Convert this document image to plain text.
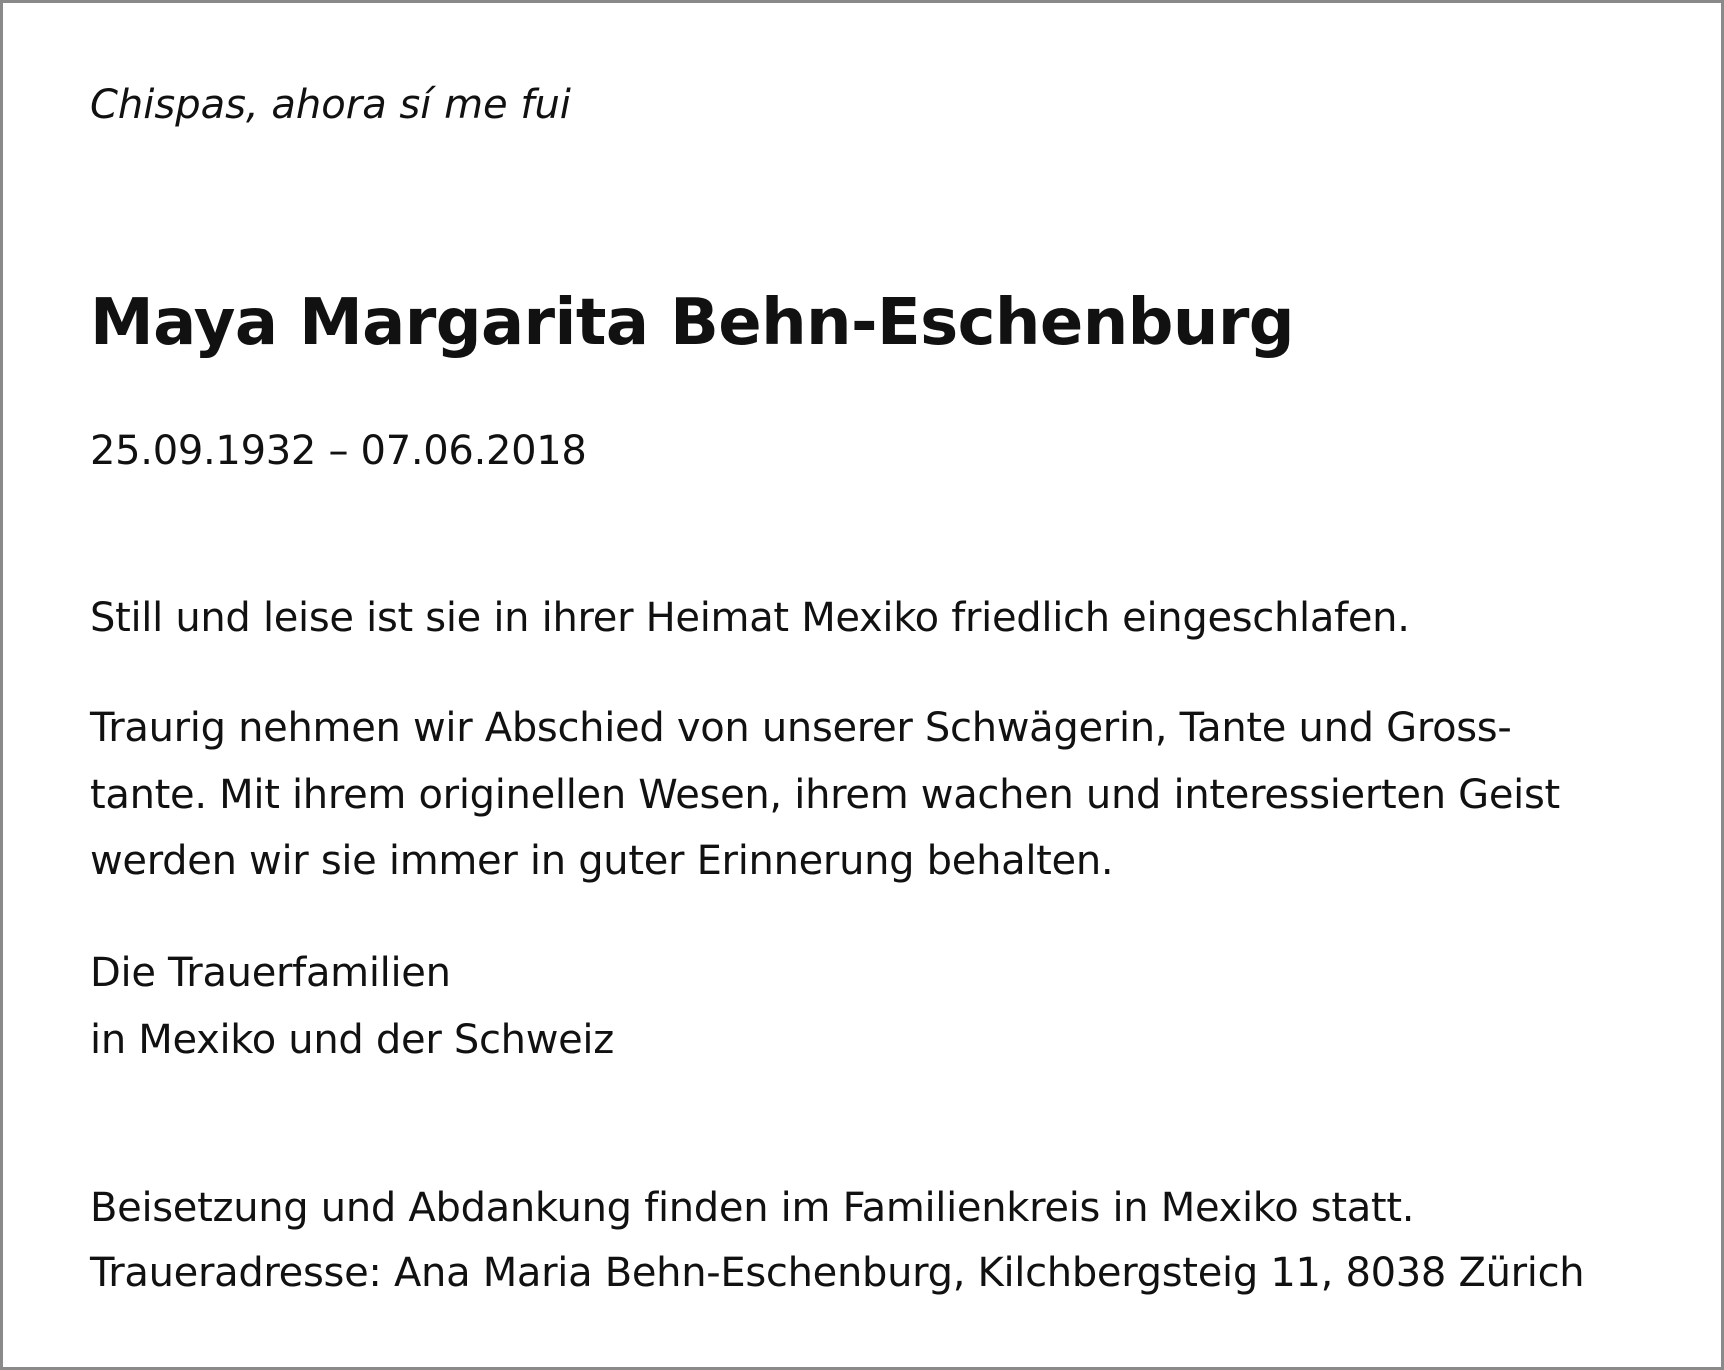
Chispas, ahora sí me fui

Maya Margarita Behn-Eschenburg

25.09.1932 – 07.06.2018

Still und leise ist sie in ihrer Heimat Mexiko friedlich eingeschlafen.

Traurig nehmen wir Abschied von unserer Schwägerin, Tante und Gross-

tante. Mit ihrem originellen Wesen, ihrem wachen und interessierten Geist

werden wir sie immer in guter Erinnerung behalten.

Die Trauerfamilien

in Mexiko und der Schweiz

Beisetzung und Abdankung finden im Familienkreis in Mexiko statt.

Traueradresse: Ana Maria Behn-Eschenburg, Kilchbergsteig 11, 8038 Zürich
